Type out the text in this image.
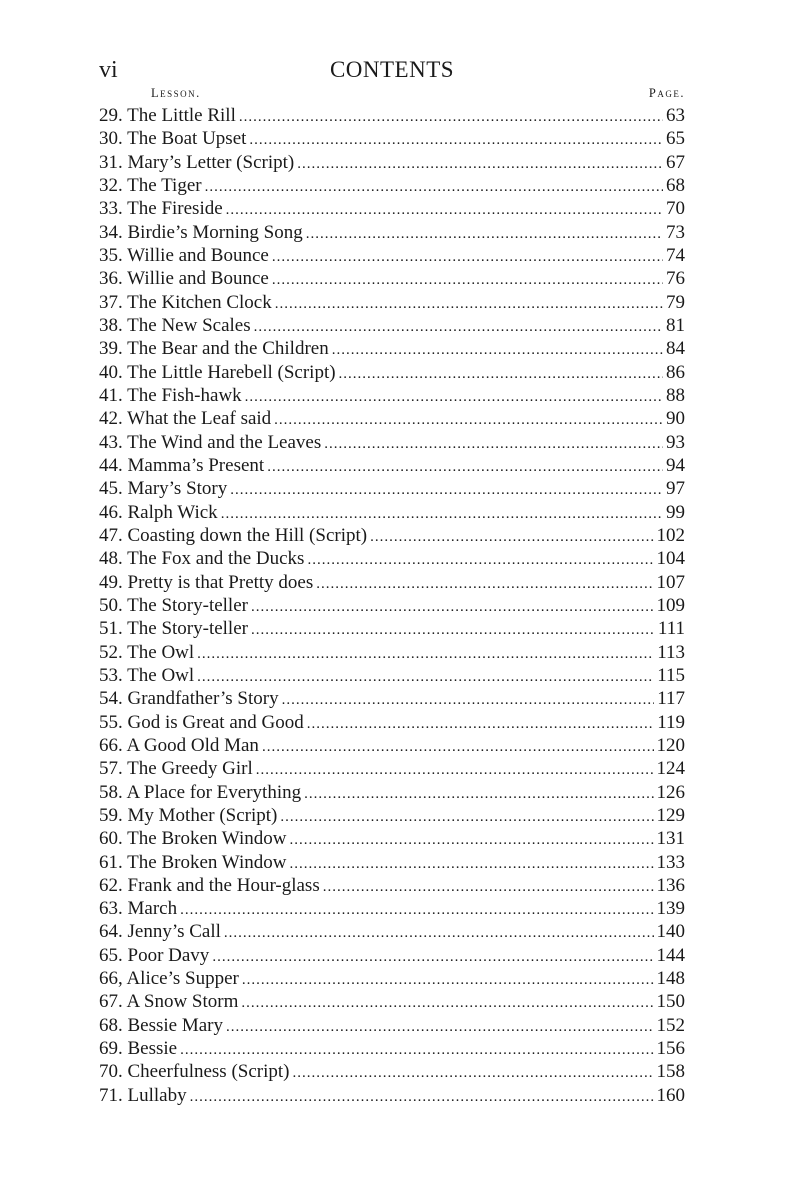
vi	CONTENTS
Lesson.	Page.
29. The Little Rill .....	63
30. The Boat Upset .....	65
31. Mary’s Letter (Script) .....	67
32. The Tiger .....	68
33. The Fireside .....	70
34. Birdie’s Morning Song .....	73
35. Willie and Bounce .....	74
36. Willie and Bounce .....	76
37. The Kitchen Clock .....	79
38. The New Scales .....	81
39. The Bear and the Children .....	84
40. The Little Harebell (Script) .....	86
41. The Fish-hawk .....	88
42. What the Leaf said .....	90
43. The Wind and the Leaves .....	93
44. Mamma’s Present .....	94
45. Mary’s Story .....	97
46. Ralph Wick .....	99
47. Coasting down the Hill (Script) .....	102
48. The Fox and the Ducks .....	104
49. Pretty is that Pretty does .....	107
50. The Story-teller .....	109
51. The Story-teller .....	111
52. The Owl .....	113
53. The Owl .....	115
54. Grandfather’s Story .....	117
55. God is Great and Good .....	119
66. A Good Old Man .....	120
57. The Greedy Girl .....	124
58. A Place for Everything .....	126
59. My Mother (Script) .....	129
60. The Broken Window .....	131
61. The Broken Window .....	133
62. Frank and the Hour-glass .....	136
63. March .....	139
64. Jenny’s Call .....	140
65. Poor Davy .....	144
66, Alice’s Supper .....	148
67. A Snow Storm .....	150
68. Bessie Mary .....	152
69. Bessie .....	156
70. Cheerfulness (Script) .....	158
71. Lullaby .....	160
